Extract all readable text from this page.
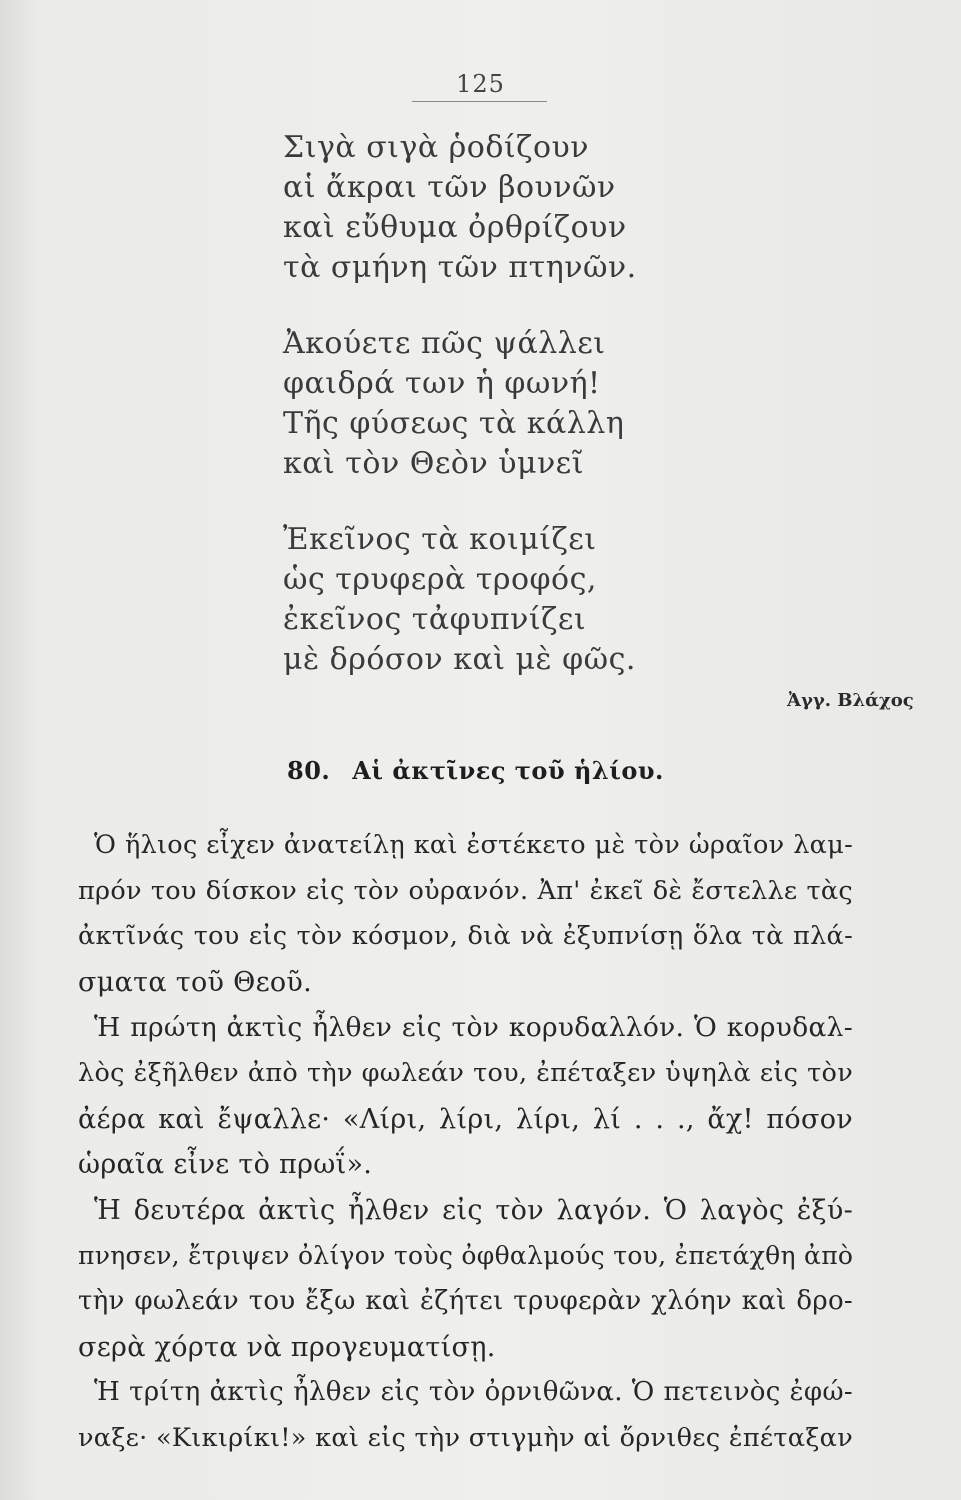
125
Σιγὰ σιγὰ ῥοδίζουν
αἱ ἄκραι τῶν βουνῶν
καὶ εὔθυμα ὀρθρίζουν
τὰ σμήνη τῶν πτηνῶν.
Ἀκούετε πῶς ψάλλει
φαιδρά των ἡ φωνή!
Τῆς φύσεως τὰ κάλλη
καὶ τὸν Θεὸν ὑμνεῖ
Ἐκεῖνος τὰ κοιμίζει
ὡς τρυφερὰ τροφός,
ἐκεῖνος τἀφυπνίζει
μὲ δρόσον καὶ μὲ φῶς.
Ἀγγ. Βλάχος
80. Αἱ ἀκτῖνες τοῦ ἡλίου.
Ὁ ἥλιος εἶχεν ἀνατείλῃ καὶ ἐστέκετο μὲ τὸν ὡραῖον λαμ-
πρόν του δίσκον εἰς τὸν οὐρανόν. Ἀπ' ἐκεῖ δὲ ἔστελλε τὰς
ἀκτῖνάς του εἰς τὸν κόσμον, διὰ νὰ ἐξυπνίσῃ ὅλα τὰ πλά-
σματα τοῦ Θεοῦ.
Ἡ πρώτη ἀκτὶς ἦλθεν εἰς τὸν κορυδαλλόν. Ὁ κορυδαλ-
λὸς ἐξῆλθεν ἀπὸ τὴν φωλεάν του, ἐπέταξεν ὑψηλὰ εἰς τὸν
ἀέρα καὶ ἔψαλλε· «Λίρι, λίρι, λίρι, λί . . ., ἄχ! πόσον
ὡραῖα εἶνε τὸ πρωΐ».
Ἡ δευτέρα ἀκτὶς ἦλθεν εἰς τὸν λαγόν. Ὁ λαγὸς ἐξύ-
πνησεν, ἔτριψεν ὀλίγον τοὺς ὀφθαλμούς του, ἐπετάχθη ἀπὸ
τὴν φωλεάν του ἔξω καὶ ἐζήτει τρυφερὰν χλόην καὶ δρο-
σερὰ χόρτα νὰ προγευματίσῃ.
Ἡ τρίτη ἀκτὶς ἦλθεν εἰς τὸν ὀρνιθῶνα. Ὁ πετεινὸς ἐφώ-
ναξε· «Κικιρίκι!» καὶ εἰς τὴν στιγμὴν αἱ ὄρνιθες ἐπέταξαν
